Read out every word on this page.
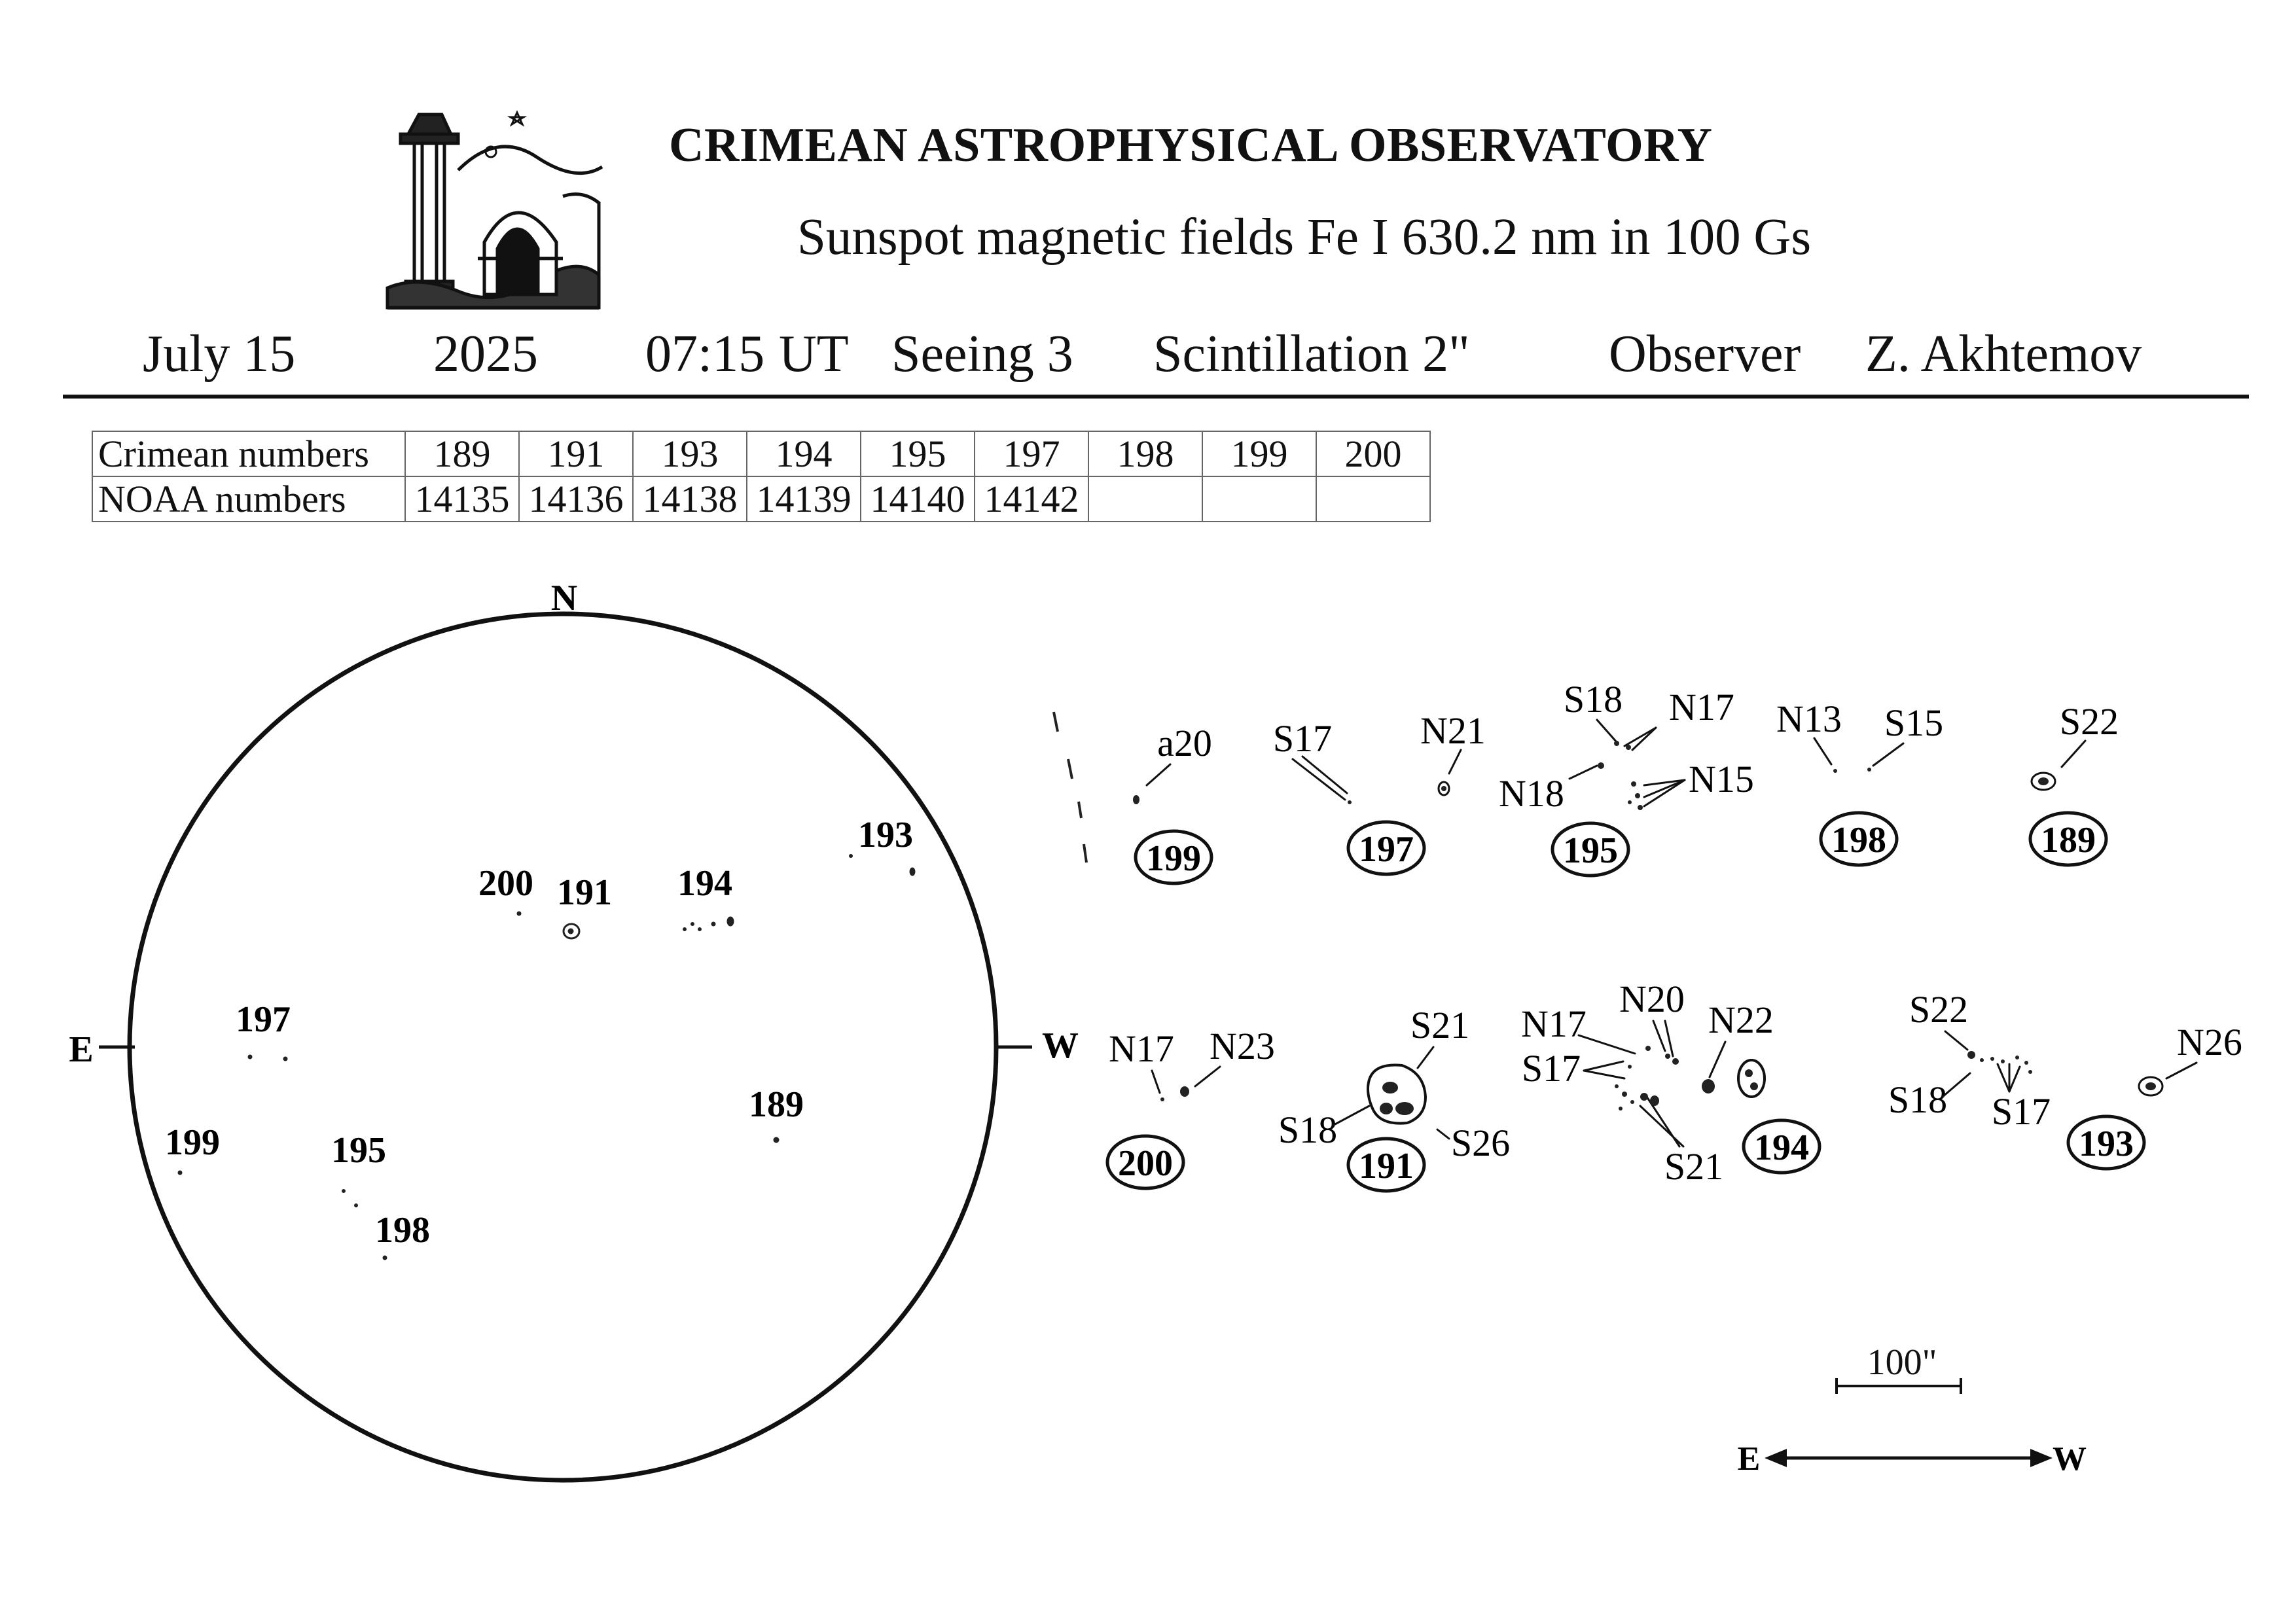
N
E	W
200 191 194
193
197
189
199	195
198
a20
199
S17 N21
197
S18 N17
N18	N15
195
N13 S15
198
S22
189
N17 N23
200
S21
S18	S26
191
N17
N20 N22
S17
S21 194
S22
S18 S17
N26
193
100"
E	W
CRIMEAN ASTROPHYSICAL OBSERVATORY
Sunspot magnetic fields Fe I 630.2 nm in 100 Gs
July 15	2025 07:15 UT Seeing 3 Scintillation 2"	Observer Z. Akhtemov
Crimean numbers	189	191	193	194	195	197	198	199	200
NOAA numbers	14135	14136	14138	14139	14140	14142			
